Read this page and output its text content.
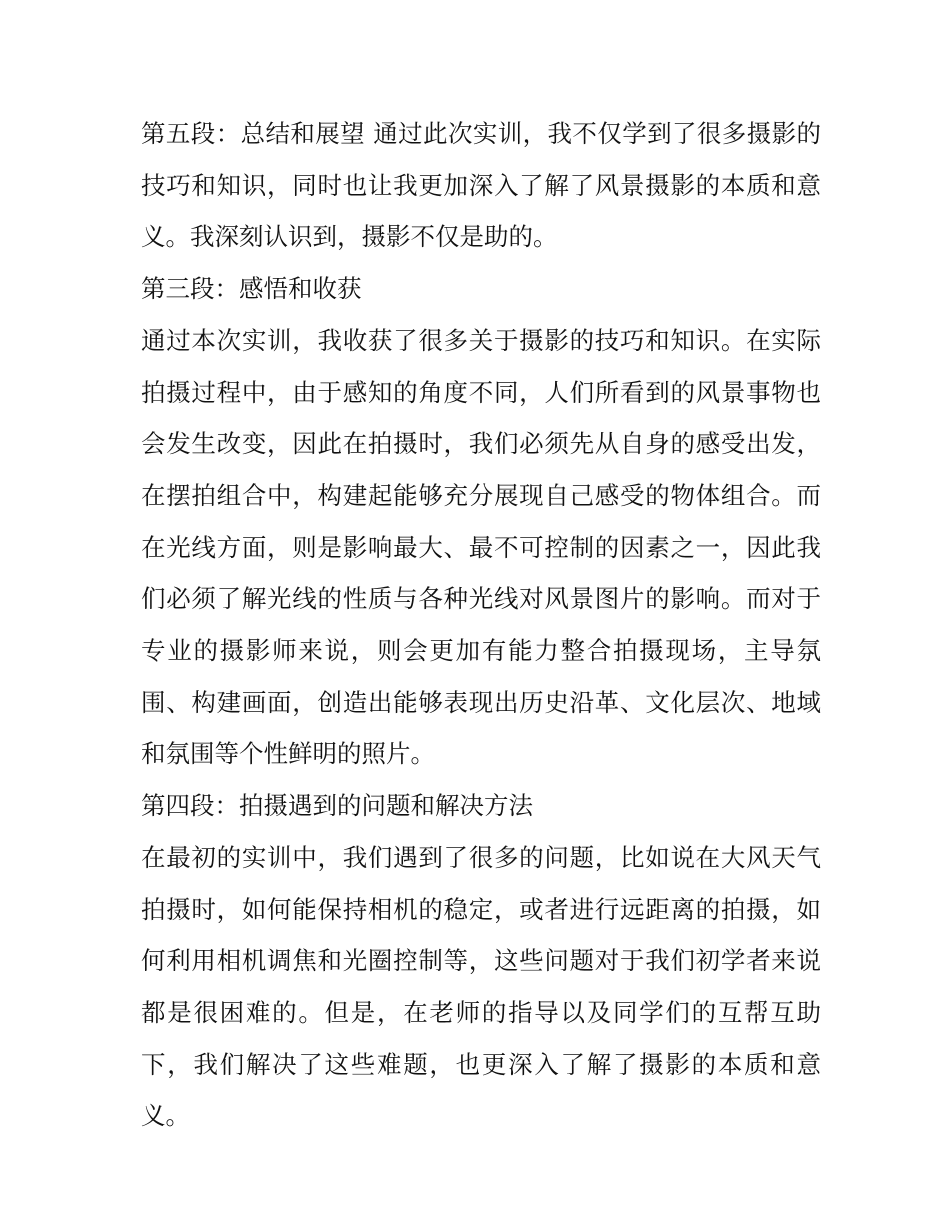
第五段：总结和展望 通过此次实训，我不仅学到了很多摄影的技巧和知识，同时也让我更加深入了解了风景摄影的本质和意义。我深刻认识到，摄影不仅是助的。

第三段：感悟和收获

通过本次实训，我收获了很多关于摄影的技巧和知识。在实际拍摄过程中，由于感知的角度不同，人们所看到的风景事物也会发生改变，因此在拍摄时，我们必须先从自身的感受出发，在摆拍组合中，构建起能够充分展现自己感受的物体组合。而在光线方面，则是影响最大、最不可控制的因素之一，因此我们必须了解光线的性质与各种光线对风景图片的影响。而对于专业的摄影师来说，则会更加有能力整合拍摄现场，主导氛围、构建画面，创造出能够表现出历史沿革、文化层次、地域和氛围等个性鲜明的照片。

第四段：拍摄遇到的问题和解决方法

在最初的实训中，我们遇到了很多的问题，比如说在大风天气拍摄时，如何能保持相机的稳定，或者进行远距离的拍摄，如何利用相机调焦和光圈控制等，这些问题对于我们初学者来说都是很困难的。但是，在老师的指导以及同学们的互帮互助下，我们解决了这些难题，也更深入了解了摄影的本质和意义。
